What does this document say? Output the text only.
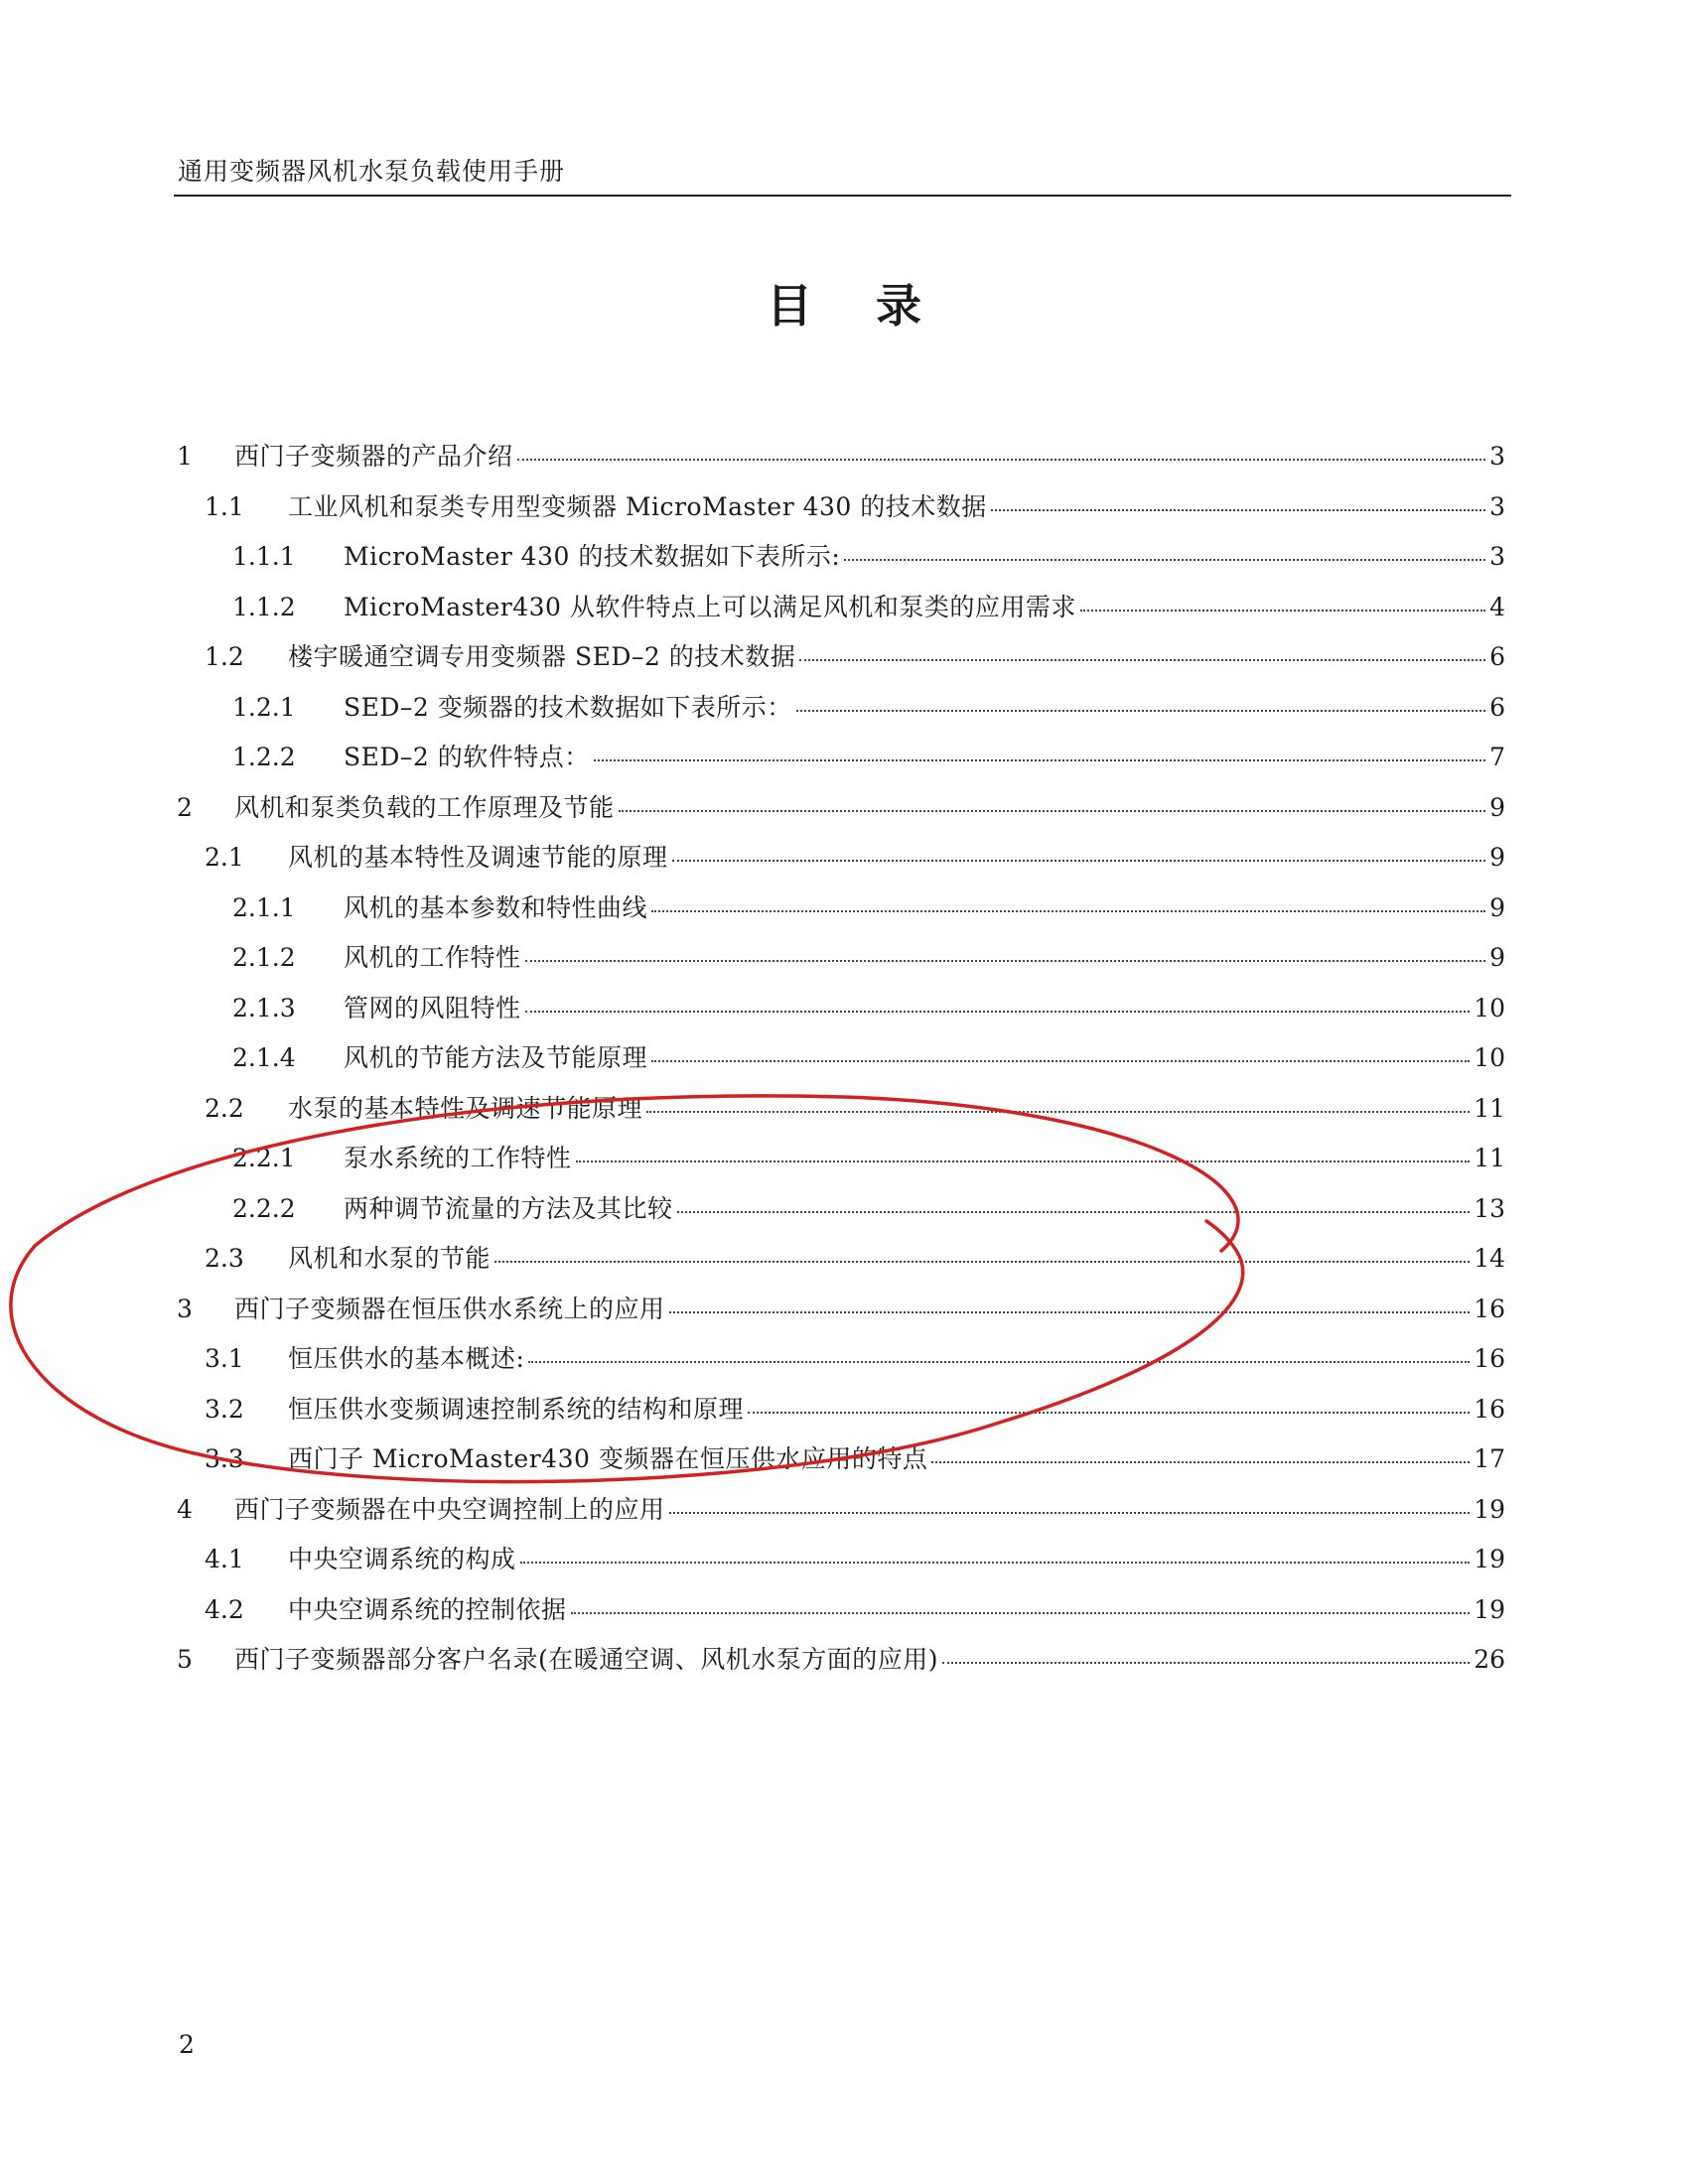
通用变频器风机水泵负载使用手册
目 录
1	西门子变频器的产品介绍	3
1.1	工业风机和泵类专用型变频器 MicroMaster 430 的技术数据	3
1.1.1	MicroMaster 430 的技术数据如下表所示:	3
1.1.2	MicroMaster430 从软件特点上可以满足风机和泵类的应用需求	4
1.2	楼宇暖通空调专用变频器 SED–2 的技术数据	6
1.2.1	SED–2 变频器的技术数据如下表所示：	6
1.2.2	SED–2 的软件特点：	7
2	风机和泵类负载的工作原理及节能	9
2.1	风机的基本特性及调速节能的原理	9
2.1.1	风机的基本参数和特性曲线	9
2.1.2	风机的工作特性	9
2.1.3	管网的风阻特性	10
2.1.4	风机的节能方法及节能原理	10
2.2	水泵的基本特性及调速节能原理	11
2.2.1	泵水系统的工作特性	11
2.2.2	两种调节流量的方法及其比较	13
2.3	风机和水泵的节能	14
3	西门子变频器在恒压供水系统上的应用	16
3.1	恒压供水的基本概述:	16
3.2	恒压供水变频调速控制系统的结构和原理	16
3.3	西门子 MicroMaster430 变频器在恒压供水应用的特点	17
4	西门子变频器在中央空调控制上的应用	19
4.1	中央空调系统的构成	19
4.2	中央空调系统的控制依据	19
5	西门子变频器部分客户名录(在暖通空调、风机水泵方面的应用)	26
2
